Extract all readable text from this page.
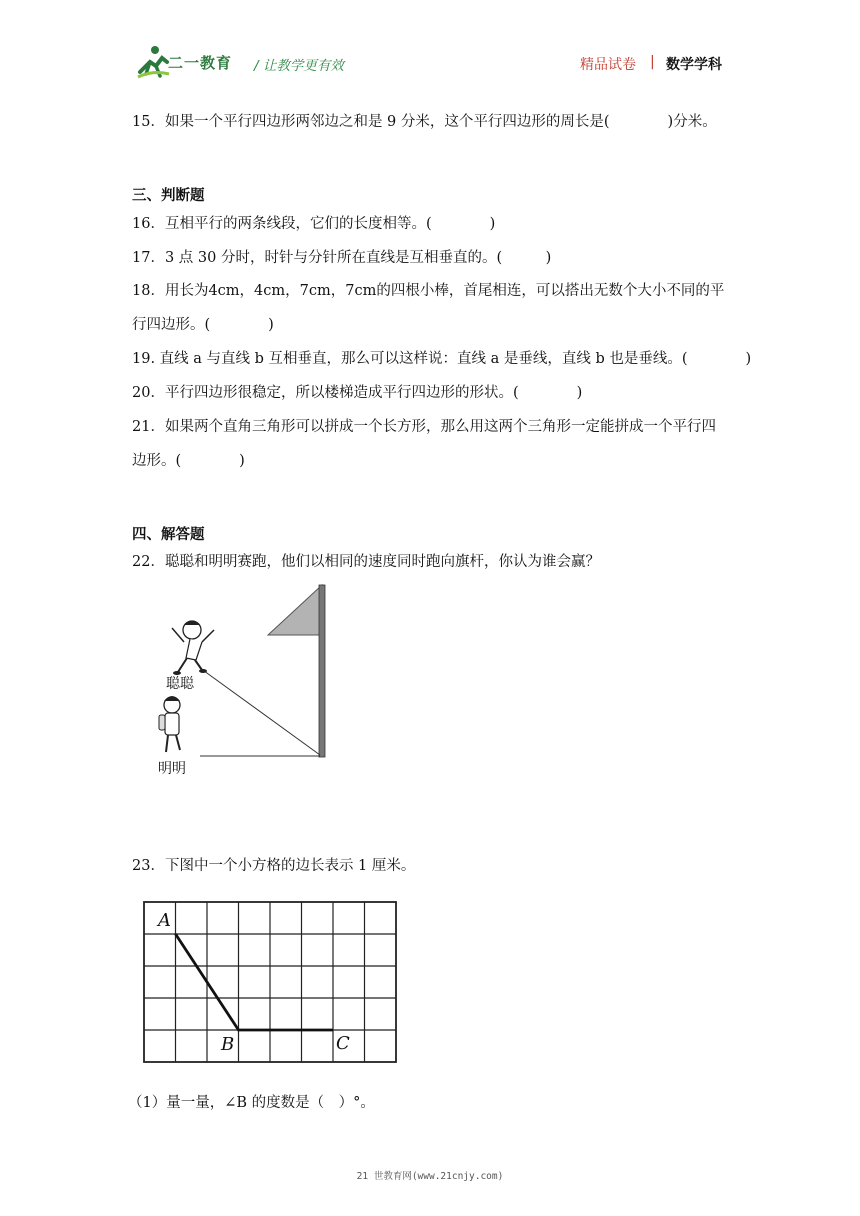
二一教育 / 让教学更有效	精品试卷 | 数学学科
15．如果一个平行四边形两邻边之和是 9 分米，这个平行四边形的周长是(　　　　)分米。
三、判断题
16．互相平行的两条线段，它们的长度相等。(　　　　)
17．3 点 30 分时，时针与分针所在直线是互相垂直的。(　　　)
18．用长为4cm，4cm，7cm，7cm的四根小棒，首尾相连，可以搭出无数个大小不同的平
行四边形。(　　　　)
19. 直线 a 与直线 b 互相垂直，那么可以这样说：直线 a 是垂线，直线 b 也是垂线。(　　　　)
20．平行四边形很稳定，所以楼梯造成平行四边形的形状。(　　　　)
21．如果两个直角三角形可以拼成一个长方形，那么用这两个三角形一定能拼成一个平行四
边形。(　　　　)
四、解答题
22．聪聪和明明赛跑，他们以相同的速度同时跑向旗杆，你认为谁会赢？
聪聪
明明
23．下图中一个小方格的边长表示 1 厘米。
A
B	C
（1）量一量，∠B 的度数是（　）°。
21 世教育网(www.21cnjy.com)
